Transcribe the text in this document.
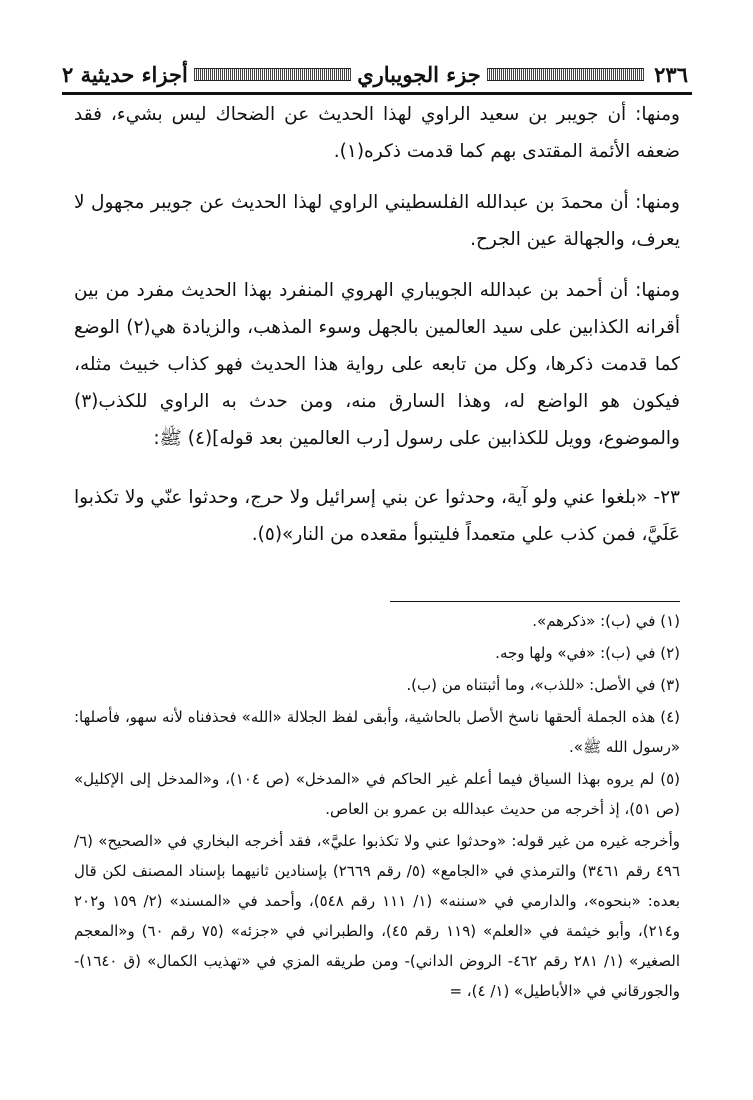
٢٣٦
جزء الجويباري
أجزاء حديثية ٢

ومنها: أن جويبر بن سعيد الراوي لهذا الحديث عن الضحاك ليس بشيء، فقد ضعفه الأئمة المقتدى بهم كما قدمت ذكره(١).

ومنها: أن محمدَ بن عبدالله الفلسطيني الراوي لهذا الحديث عن جويبر مجهول لا يعرف، والجهالة عين الجرح.

ومنها: أن أحمد بن عبدالله الجويباري الهروي المنفرد بهذا الحديث مفرد من بين أقرانه الكذابين على سيد العالمين بالجهل وسوء المذهب، والزيادة هي(٢) الوضع كما قدمت ذكرها، وكل من تابعه على رواية هذا الحديث فهو كذاب خبيث مثله، فيكون هو الواضع له، وهذا السارق منه، ومن حدث به الراوي للكذب(٣) والموضوع، وويل للكذابين على رسول [رب العالمين بعد قوله](٤) ﷺ:

٢٣- «بلغوا عني ولو آية، وحدثوا عن بني إسرائيل ولا حرج، وحدثوا عنّي ولا تكذبوا عَلَيَّ، فمن كذب علي متعمداً فليتبوأ مقعده من النار»(٥).

(١) في (ب): «ذكرهم».

(٢) في (ب): «في» ولها وجه.

(٣) في الأصل: «للذب»، وما أثبتناه من (ب).

(٤) هذه الجملة ألحقها ناسخ الأصل بالحاشية، وأبقى لفظ الجلالة «الله» فحذفناه لأنه سهو، فأصلها: «رسول الله ﷺ».

(٥) لم يروه بهذا السياق فيما أعلم غير الحاكم في «المدخل» (ص ١٠٤)، و«المدخل إلى الإكليل» (ص ٥١)، إذ أخرجه من حديث عبدالله بن عمرو بن العاص.

وأخرجه غيره من غير قوله: «وحدثوا عني ولا تكذبوا عليَّ»، فقد أخرجه البخاري في «الصحيح» (٦/ ٤٩٦ رقم ٣٤٦١) والترمذي في «الجامع» (٥/ رقم ٢٦٦٩) بإسنادين ثانيهما بإسناد المصنف لكن قال بعده: «بنحوه»، والدارمي في «سننه» (١/ ١١١ رقم ٥٤٨)، وأحمد في «المسند» (٢/ ١٥٩ و٢٠٢ و٢١٤)، وأبو خيثمة في «العلم» (١١٩ رقم ٤٥)، والطبراني في «جزئه» (٧٥ رقم ٦٠) و«المعجم الصغير» (١/ ٢٨١ رقم ٤٦٢- الروض الداني)- ومن طريقه المزي في «تهذيب الكمال» (ق ١٦٤٠)- والجورقاني في «الأباطيل» (١/ ٤)، =
